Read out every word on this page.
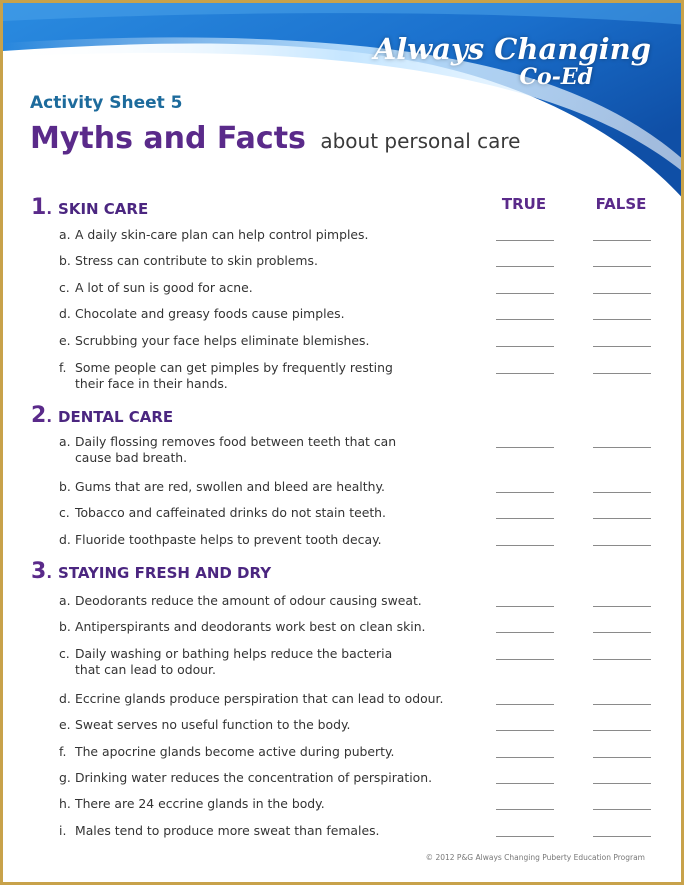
Always Changing
Co-Ed
Activity Sheet 5
Myths and Facts about personal care
TRUE	FALSE
1. SKIN CARE
a. A daily skin-care plan can help control pimples.
b. Stress can contribute to skin problems.
c. A lot of sun is good for acne.
d. Chocolate and greasy foods cause pimples.
e. Scrubbing your face helps eliminate blemishes.
f. Some people can get pimples by frequently resting
their face in their hands.
2. DENTAL CARE
a. Daily flossing removes food between teeth that can
cause bad breath.
b. Gums that are red, swollen and bleed are healthy.
c. Tobacco and caffeinated drinks do not stain teeth.
d. Fluoride toothpaste helps to prevent tooth decay.
3. STAYING FRESH AND DRY
a. Deodorants reduce the amount of odour causing sweat.
b. Antiperspirants and deodorants work best on clean skin.
c. Daily washing or bathing helps reduce the bacteria
that can lead to odour.
d. Eccrine glands produce perspiration that can lead to odour.
e. Sweat serves no useful function to the body.
f. The apocrine glands become active during puberty.
g. Drinking water reduces the concentration of perspiration.
h. There are 24 eccrine glands in the body.
i. Males tend to produce more sweat than females.
© 2012 P&G Always Changing Puberty Education Program
